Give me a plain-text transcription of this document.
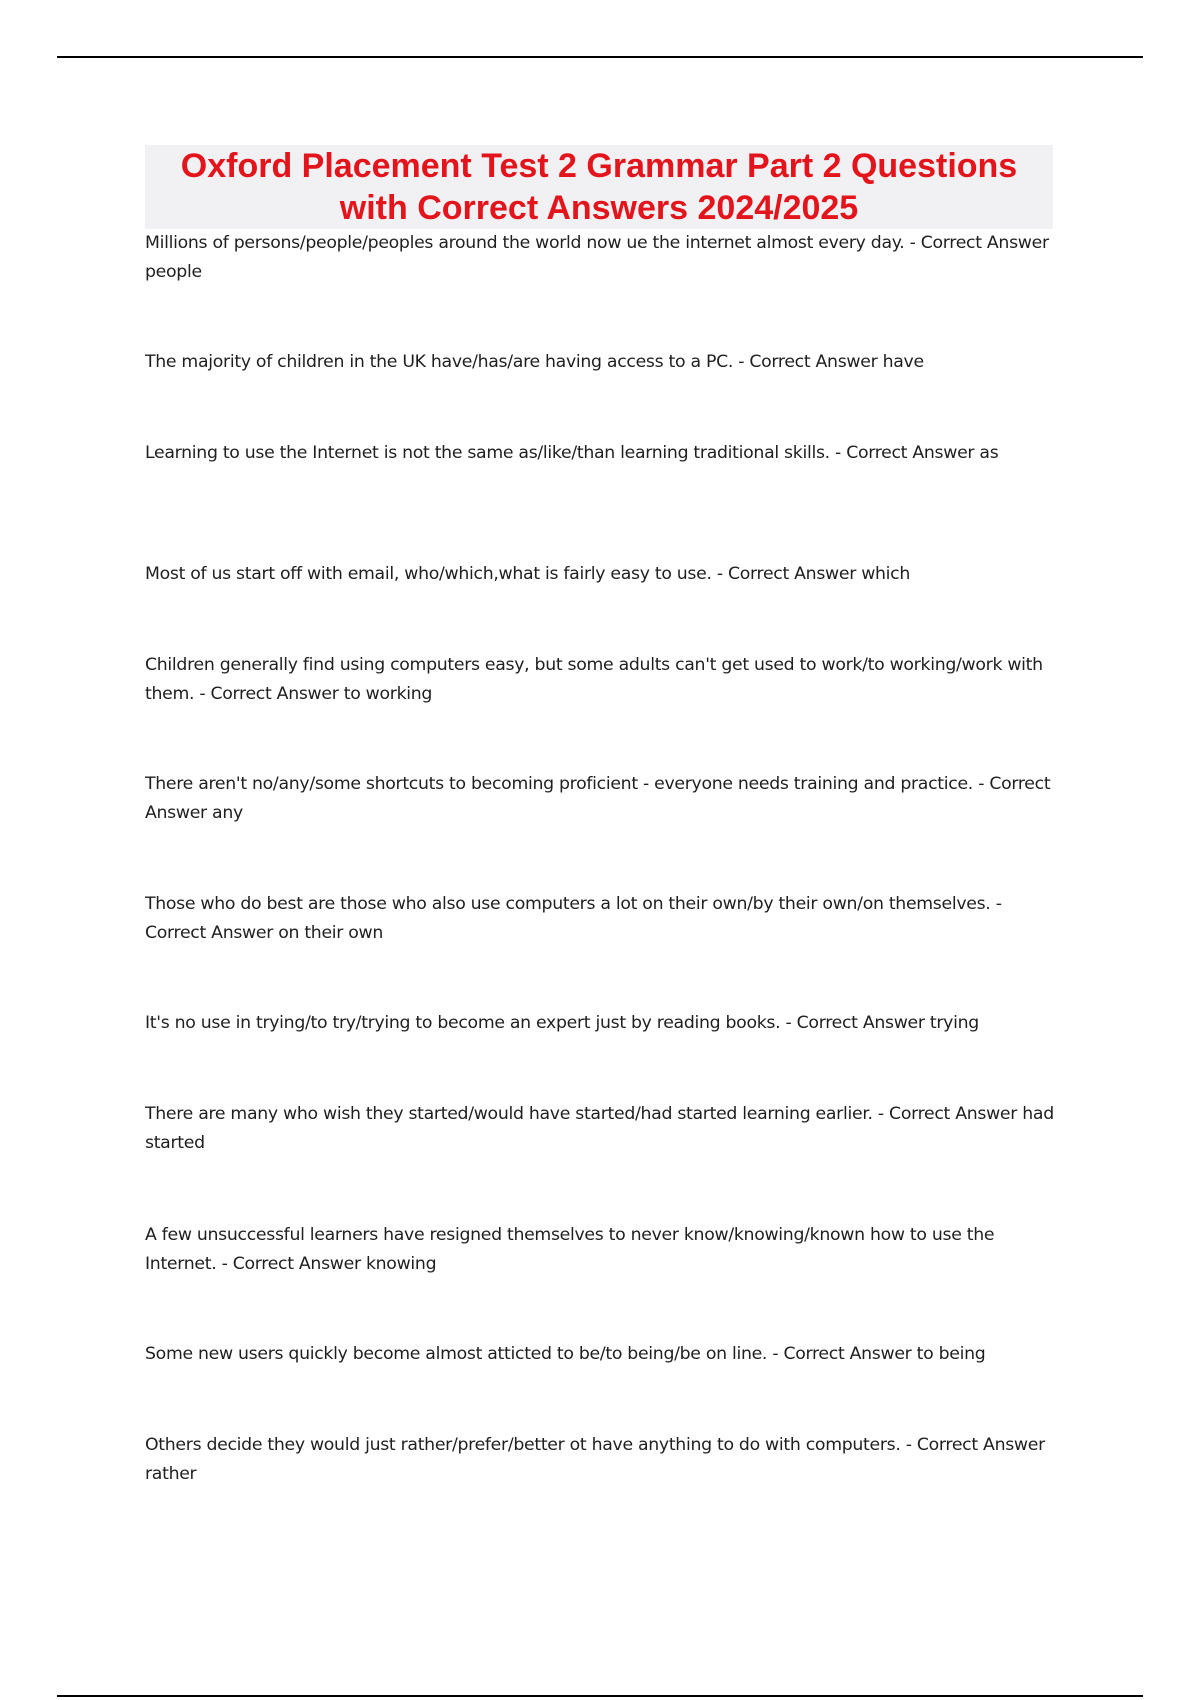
Oxford Placement Test 2 Grammar Part 2 Questions with Correct Answers 2024/2025
Millions of persons/people/peoples around the world now ue the internet almost every day. - Correct Answer people
The majority of children in the UK have/has/are having access to a PC. - Correct Answer have
Learning to use the Internet is not the same as/like/than learning traditional skills. - Correct Answer as
Most of us start off with email, who/which,what is fairly easy to use. - Correct Answer which
Children generally find using computers easy, but some adults can't get used to work/to working/work with them. - Correct Answer to working
There aren't no/any/some shortcuts to becoming proficient - everyone needs training and practice. - Correct Answer any
Those who do best are those who also use computers a lot on their own/by their own/on themselves. - Correct Answer on their own
It's no use in trying/to try/trying to become an expert just by reading books. - Correct Answer trying
There are many who wish they started/would have started/had started learning earlier. - Correct Answer had started
A few unsuccessful learners have resigned themselves to never know/knowing/known how to use the Internet. - Correct Answer knowing
Some new users quickly become almost atticted to be/to being/be on line. - Correct Answer to being
Others decide they would just rather/prefer/better ot have anything to do with computers. - Correct Answer rather
